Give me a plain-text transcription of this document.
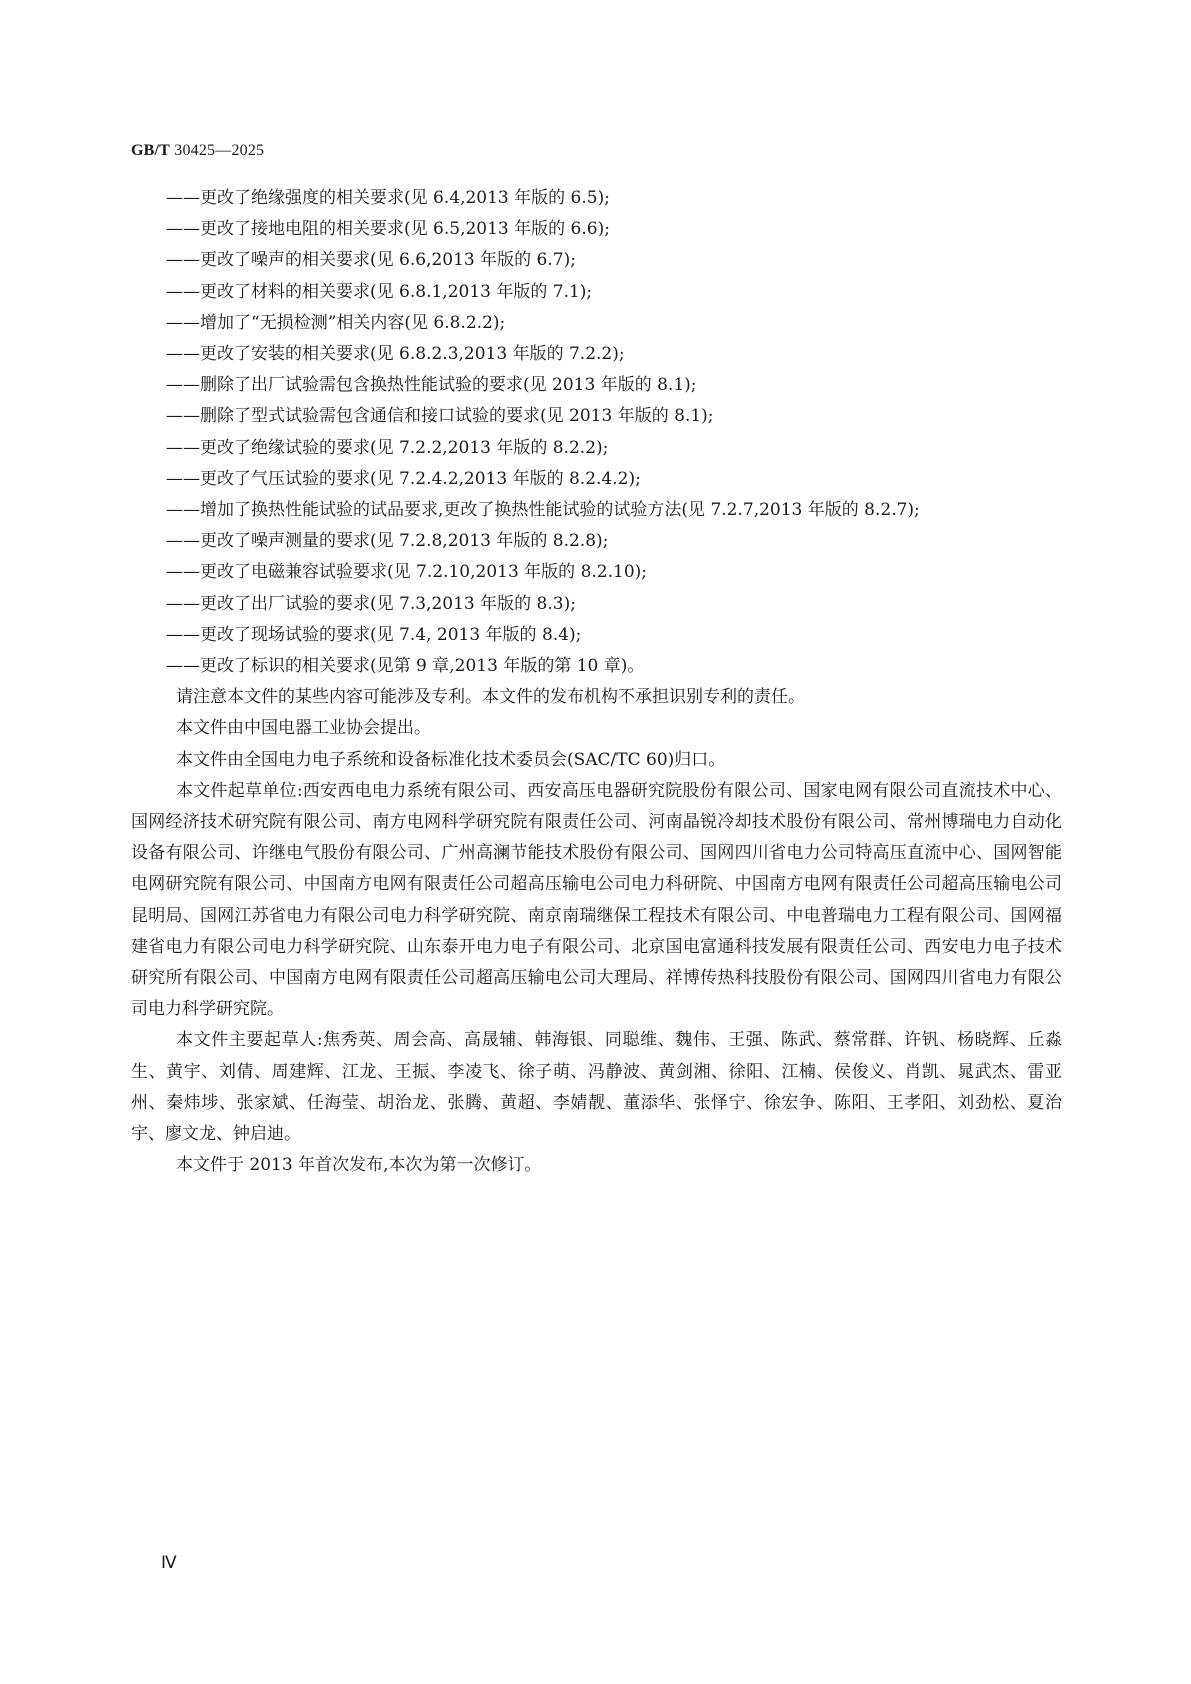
GB/T 30425—2025
——更改了绝缘强度的相关要求(见 6.4,2013 年版的 6.5);
——更改了接地电阻的相关要求(见 6.5,2013 年版的 6.6);
——更改了噪声的相关要求(见 6.6,2013 年版的 6.7);
——更改了材料的相关要求(见 6.8.1,2013 年版的 7.1);
——增加了“无损检测”相关内容(见 6.8.2.2);
——更改了安装的相关要求(见 6.8.2.3,2013 年版的 7.2.2);
——删除了出厂试验需包含换热性能试验的要求(见 2013 年版的 8.1);
——删除了型式试验需包含通信和接口试验的要求(见 2013 年版的 8.1);
——更改了绝缘试验的要求(见 7.2.2,2013 年版的 8.2.2);
——更改了气压试验的要求(见 7.2.4.2,2013 年版的 8.2.4.2);
——增加了换热性能试验的试品要求,更改了换热性能试验的试验方法(见 7.2.7,2013 年版的 8.2.7);
——更改了噪声测量的要求(见 7.2.8,2013 年版的 8.2.8);
——更改了电磁兼容试验要求(见 7.2.10,2013 年版的 8.2.10);
——更改了出厂试验的要求(见 7.3,2013 年版的 8.3);
——更改了现场试验的要求(见 7.4, 2013 年版的 8.4);
——更改了标识的相关要求(见第 9 章,2013 年版的第 10 章)。

请注意本文件的某些内容可能涉及专利。本文件的发布机构不承担识别专利的责任。

本文件由中国电器工业协会提出。

本文件由全国电力电子系统和设备标准化技术委员会(SAC/TC 60)归口。

本文件起草单位:西安西电电力系统有限公司、西安高压电器研究院股份有限公司、国家电网有限公司直流技术中心、国网经济技术研究院有限公司、南方电网科学研究院有限责任公司、河南晶锐冷却技术股份有限公司、常州博瑞电力自动化设备有限公司、许继电气股份有限公司、广州高澜节能技术股份有限公司、国网四川省电力公司特高压直流中心、国网智能电网研究院有限公司、中国南方电网有限责任公司超高压输电公司电力科研院、中国南方电网有限责任公司超高压输电公司昆明局、国网江苏省电力有限公司电力科学研究院、南京南瑞继保工程技术有限公司、中电普瑞电力工程有限公司、国网福建省电力有限公司电力科学研究院、山东泰开电力电子有限公司、北京国电富通科技发展有限责任公司、西安电力电子技术研究所有限公司、中国南方电网有限责任公司超高压输电公司大理局、祥博传热科技股份有限公司、国网四川省电力有限公司电力科学研究院。

本文件主要起草人:焦秀英、周会高、高晟辅、韩海银、同聪维、魏伟、王强、陈武、蔡常群、许钒、杨晓辉、丘淼生、黄宇、刘倩、周建辉、江龙、王振、李凌飞、徐子萌、冯静波、黄剑湘、徐阳、江楠、侯俊义、肖凯、晁武杰、雷亚州、秦炜埗、张家斌、任海莹、胡治龙、张腾、黄超、李婧靓、董添华、张怿宁、徐宏争、陈阳、王孝阳、刘劲松、夏治宇、廖文龙、钟启迪。

本文件于 2013 年首次发布,本次为第一次修订。

Ⅳ
